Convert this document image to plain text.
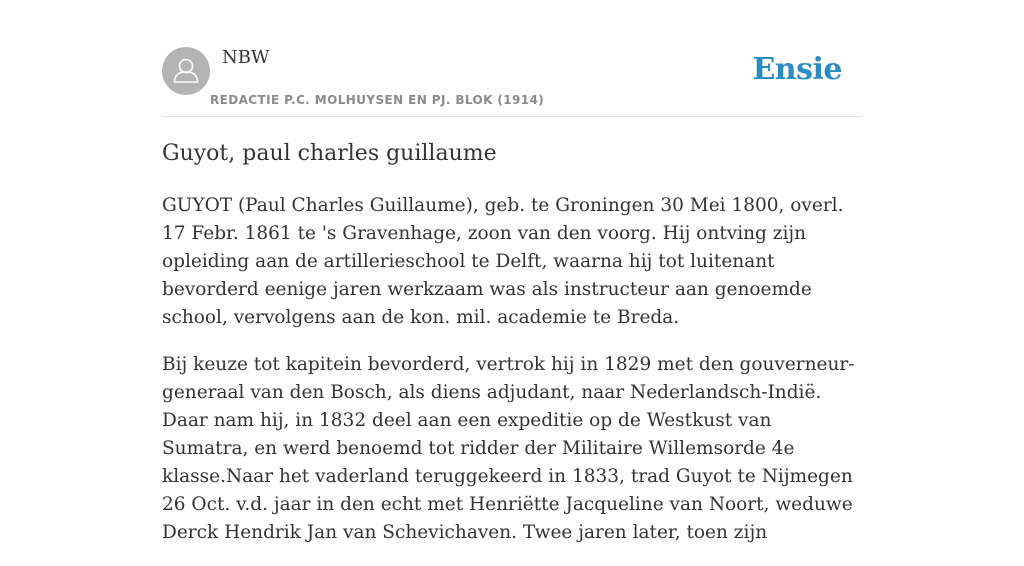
NBW
REDACTIE P.C. MOLHUYSEN EN PJ. BLOK (1914)
Ensie
Guyot, paul charles guillaume

GUYOT (Paul Charles Guillaume), geb. te Groningen 30 Mei 1800, overl. 17 Febr. 1861 te 's Gravenhage, zoon van den voorg. Hij ontving zijn opleiding aan de artillerieschool te Delft, waarna hij tot luitenant bevorderd eenige jaren werkzaam was als instructeur aan genoemde school, vervolgens aan de kon. mil. academie te Breda.

Bij keuze tot kapitein bevorderd, vertrok hij in 1829 met den gouverneur-generaal van den Bosch, als diens adjudant, naar Nederlandsch-Indië. Daar nam hij, in 1832 deel aan een expeditie op de Westkust van Sumatra, en werd benoemd tot ridder der Militaire Willemsorde 4e klasse.Naar het vaderland teruggekeerd in 1833, trad Guyot te Nijmegen 26 Oct. v.d. jaar in den echt met Henriëtte Jacqueline van Noort, weduwe Derck Hendrik Jan van Schevichaven. Twee jaren later, toen zijn
